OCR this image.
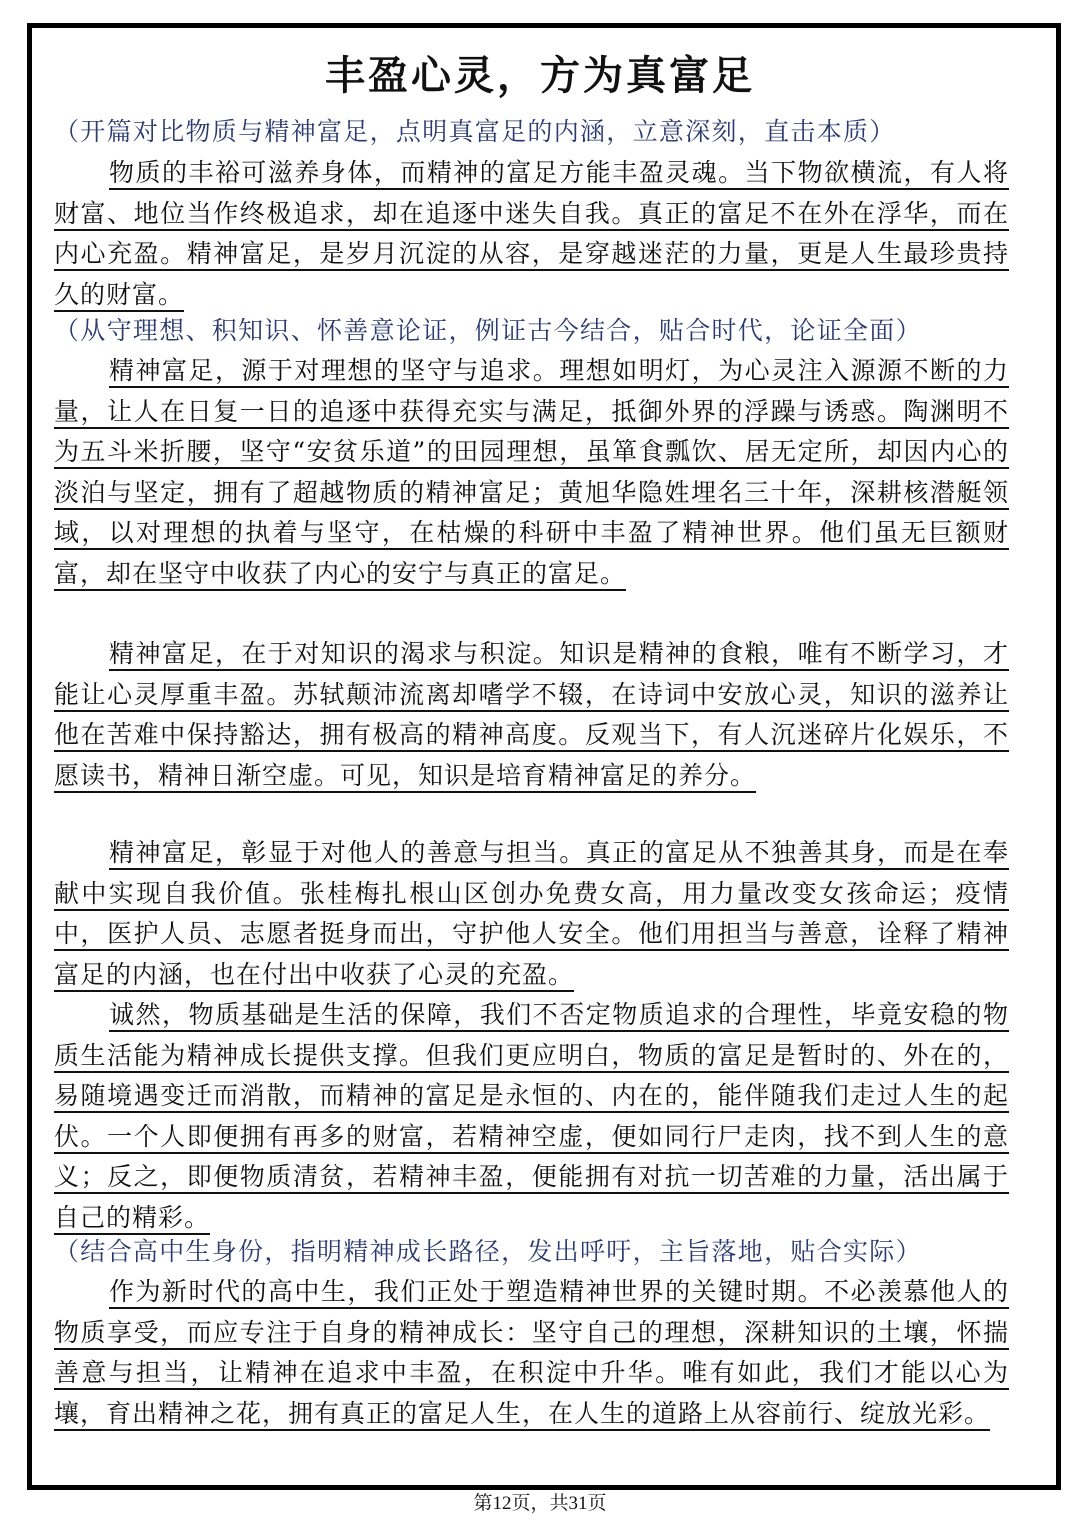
丰盈心灵，方为真富足
（开篇对比物质与精神富足，点明真富足的内涵，立意深刻，直击本质）

物质的丰裕可滋养身体，而精神的富足方能丰盈灵魂。当下物欲横流，有人将财富、地位当作终极追求，却在追逐中迷失自我。真正的富足不在外在浮华，而在内心充盈。精神富足，是岁月沉淀的从容，是穿越迷茫的力量，更是人生最珍贵持久的财富。

（从守理想、积知识、怀善意论证，例证古今结合，贴合时代，论证全面）

精神富足，源于对理想的坚守与追求。理想如明灯，为心灵注入源源不断的力量，让人在日复一日的追逐中获得充实与满足，抵御外界的浮躁与诱惑。陶渊明不为五斗米折腰，坚守“安贫乐道”的田园理想，虽箪食瓢饮、居无定所，却因内心的淡泊与坚定，拥有了超越物质的精神富足；黄旭华隐姓埋名三十年，深耕核潜艇领域，以对理想的执着与坚守，在枯燥的科研中丰盈了精神世界。他们虽无巨额财富，却在坚守中收获了内心的安宁与真正的富足。

精神富足，在于对知识的渴求与积淀。知识是精神的食粮，唯有不断学习，才能让心灵厚重丰盈。苏轼颠沛流离却嗜学不辍，在诗词中安放心灵，知识的滋养让他在苦难中保持豁达，拥有极高的精神高度。反观当下，有人沉迷碎片化娱乐，不愿读书，精神日渐空虚。可见，知识是培育精神富足的养分。

精神富足，彰显于对他人的善意与担当。真正的富足从不独善其身，而是在奉献中实现自我价值。张桂梅扎根山区创办免费女高，用力量改变女孩命运；疫情中，医护人员、志愿者挺身而出，守护他人安全。他们用担当与善意，诠释了精神富足的内涵，也在付出中收获了心灵的充盈。

诚然，物质基础是生活的保障，我们不否定物质追求的合理性，毕竟安稳的物质生活能为精神成长提供支撑。但我们更应明白，物质的富足是暂时的、外在的，易随境遇变迁而消散，而精神的富足是永恒的、内在的，能伴随我们走过人生的起伏。一个人即便拥有再多的财富，若精神空虚，便如同行尸走肉，找不到人生的意义；反之，即便物质清贫，若精神丰盈，便能拥有对抗一切苦难的力量，活出属于自己的精彩。

（结合高中生身份，指明精神成长路径，发出呼吁，主旨落地，贴合实际）

作为新时代的高中生，我们正处于塑造精神世界的关键时期。不必羡慕他人的物质享受，而应专注于自身的精神成长：坚守自己的理想，深耕知识的土壤，怀揣善意与担当，让精神在追求中丰盈，在积淀中升华。唯有如此，我们才能以心为壤，育出精神之花，拥有真正的富足人生，在人生的道路上从容前行、绽放光彩。

第12页，共31页
